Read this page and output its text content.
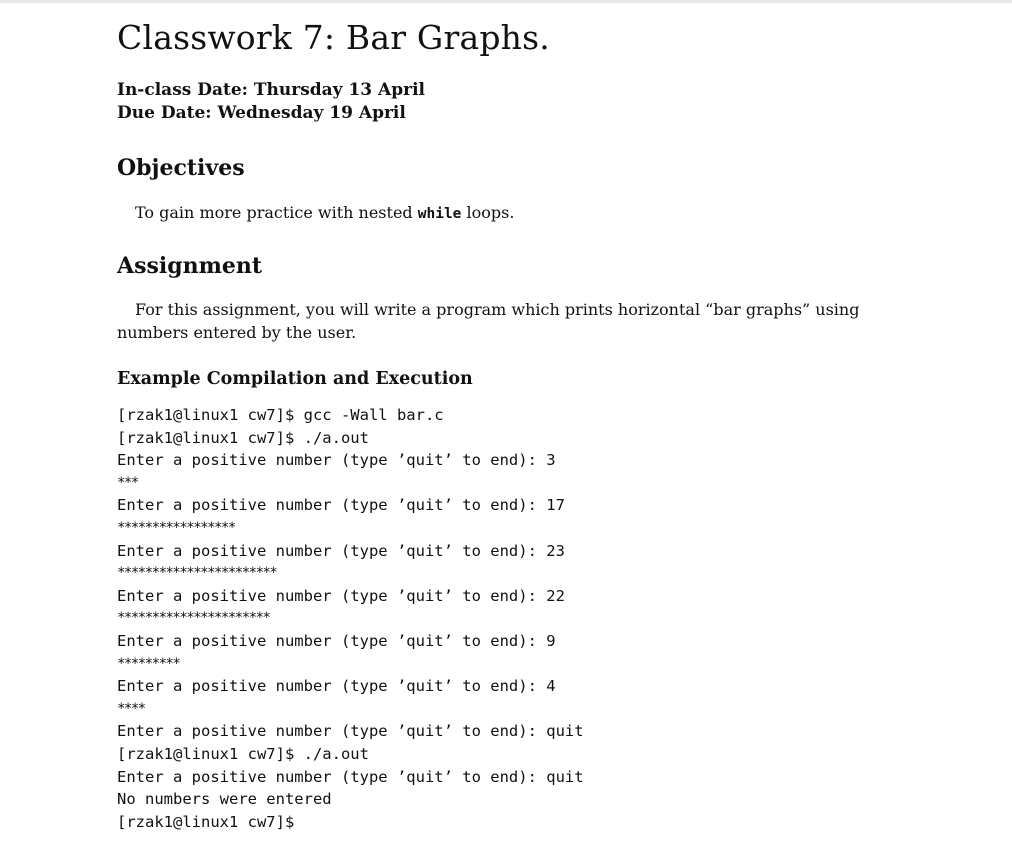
Classwork 7: Bar Graphs.
In-class Date: Thursday 13 April
Due Date: Wednesday 19 April
Objectives
To gain more practice with nested while loops.
Assignment
For this assignment, you will write a program which prints horizontal “bar graphs” using numbers entered by the user.
Example Compilation and Execution
[rzak1@linux1 cw7]$ gcc -Wall bar.c
[rzak1@linux1 cw7]$ ./a.out
Enter a positive number (type ’quit’ to end): 3
***
Enter a positive number (type ’quit’ to end): 17
*****************
Enter a positive number (type ’quit’ to end): 23
***********************
Enter a positive number (type ’quit’ to end): 22
**********************
Enter a positive number (type ’quit’ to end): 9
*********
Enter a positive number (type ’quit’ to end): 4
****
Enter a positive number (type ’quit’ to end): quit
[rzak1@linux1 cw7]$ ./a.out
Enter a positive number (type ’quit’ to end): quit
No numbers were entered
[rzak1@linux1 cw7]$
